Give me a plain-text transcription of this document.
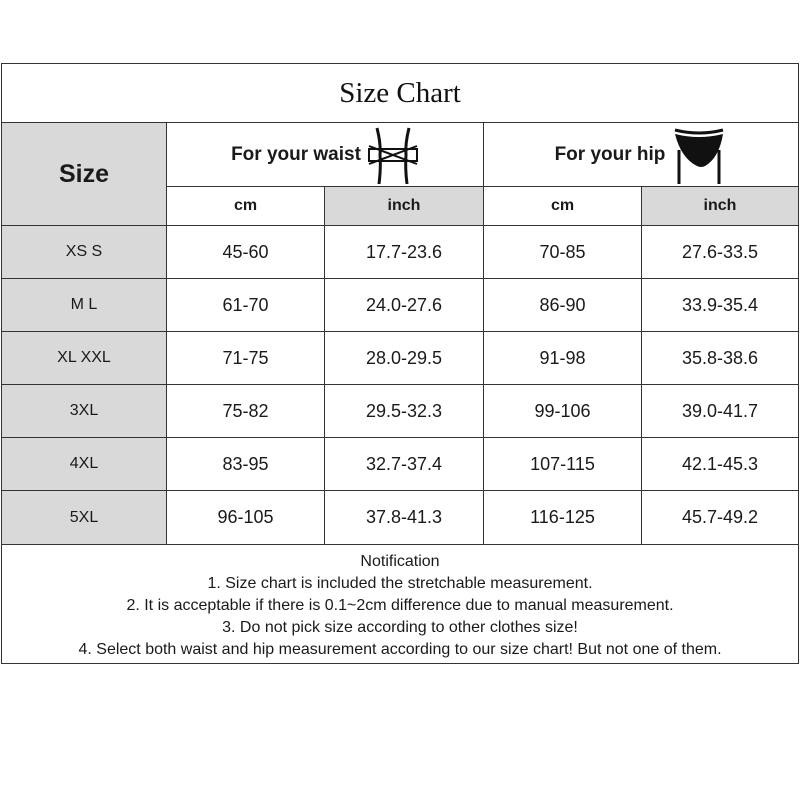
Size Chart
Size
For your waist	For your hip
cm	inch	cm	inch
XS S	45-60	17.7-23.6	70-85	27.6-33.5
M L	61-70	24.0-27.6	86-90	33.9-35.4
XL XXL	71-75	28.0-29.5	91-98	35.8-38.6
3XL	75-82	29.5-32.3	99-106	39.0-41.7
4XL	83-95	32.7-37.4	107-115	42.1-45.3
5XL	96-105	37.8-41.3	116-125	45.7-49.2
Notification
1. Size chart is included the stretchable measurement.
2. It is acceptable if there is 0.1~2cm difference due to manual measurement.
3. Do not pick size according to other clothes size!
4. Select both waist and hip measurement according to our size chart! But not one of them.
